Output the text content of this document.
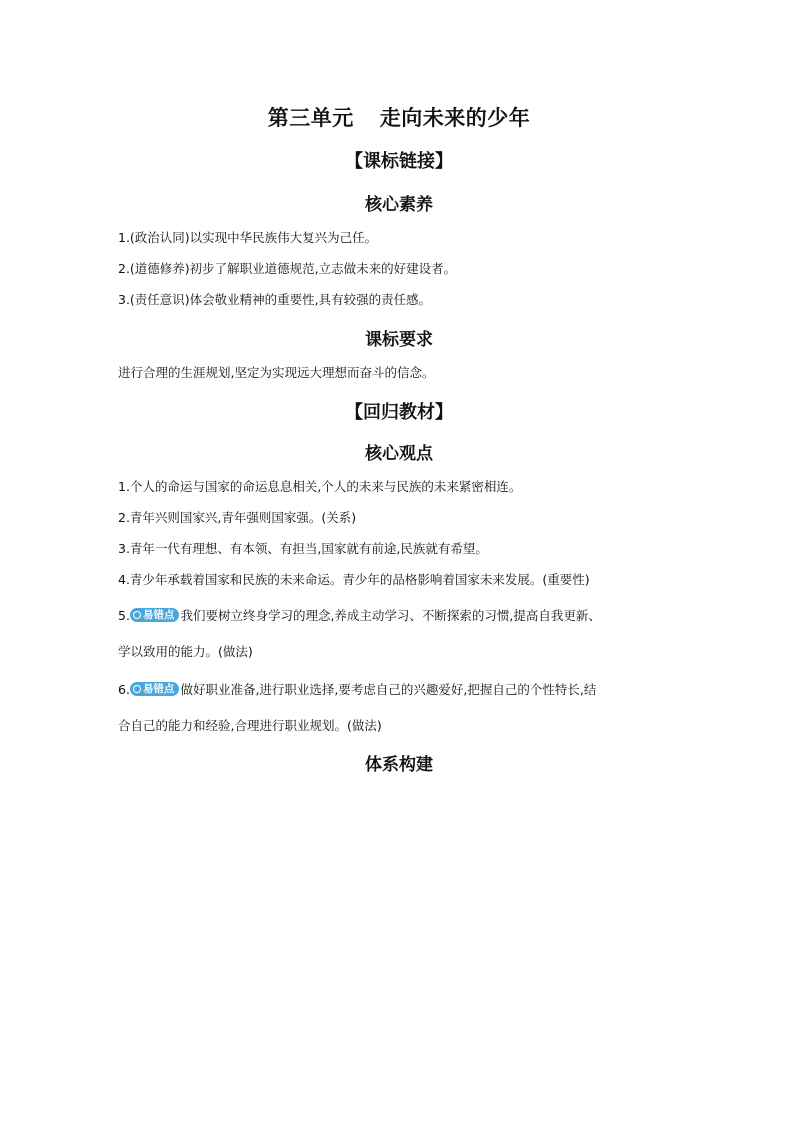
第三单元 走向未来的少年
【课标链接】
核心素养
1.(政治认同)以实现中华民族伟大复兴为己任。
2.(道德修养)初步了解职业道德规范,立志做未来的好建设者。
3.(责任意识)体会敬业精神的重要性,具有较强的责任感。
课标要求
进行合理的生涯规划,坚定为实现远大理想而奋斗的信念。
【回归教材】
核心观点
1.个人的命运与国家的命运息息相关,个人的未来与民族的未来紧密相连。
2.青年兴则国家兴,青年强则国家强。(关系)
3.青年一代有理想、有本领、有担当,国家就有前途,民族就有希望。
4.青少年承载着国家和民族的未来命运。青少年的品格影响着国家未来发展。(重要性)
5. 易错点 我们要树立终身学习的理念,养成主动学习、不断探索的习惯,提高自我更新、
学以致用的能力。(做法)
6. 易错点 做好职业准备,进行职业选择,要考虑自己的兴趣爱好,把握自己的个性特长,结
合自己的能力和经验,合理进行职业规划。(做法)
体系构建
